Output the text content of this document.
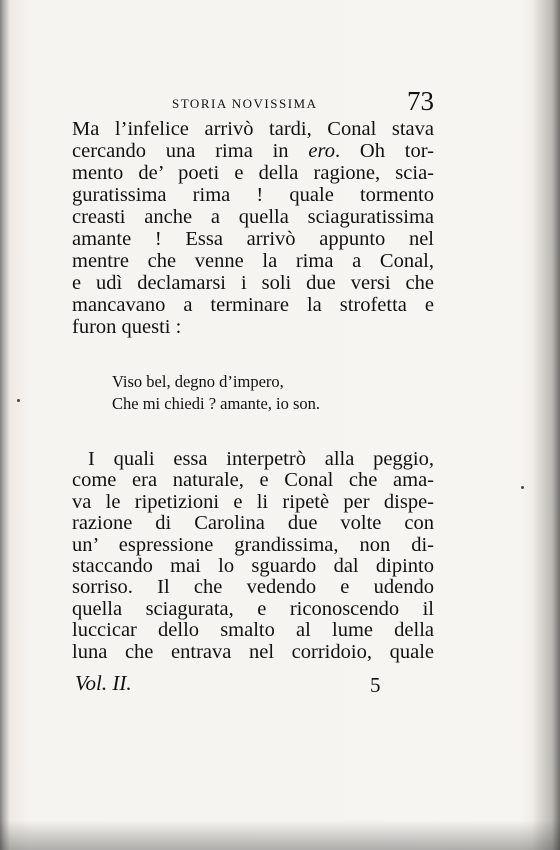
STORIA NOVISSIMA	73
Ma l’infelice arrivò tardi, Conal stava
cercando una rima in ero. Oh tor-
mento de’ poeti e della ragione, scia-
guratissima rima ! quale tormento
creasti anche a quella sciaguratissima
amante ! Essa arrivò appunto nel
mentre che venne la rima a Conal,
e udì declamarsi i soli due versi che
mancavano a terminare la strofetta e
furon questi :
Viso bel, degno d’impero,
Che mi chiedi ? amante, io son.
I quali essa interpetrò alla peggio,
come era naturale, e Conal che ama-
va le ripetizioni e li ripetè per dispe-
razione di Carolina due volte con
un’ espressione grandissima, non di-
staccando mai lo sguardo dal dipinto
sorriso. Il che vedendo e udendo
quella sciagurata, e riconoscendo il
luccicar dello smalto al lume della
luna che entrava nel corridoio, quale
Vol. II.	5
